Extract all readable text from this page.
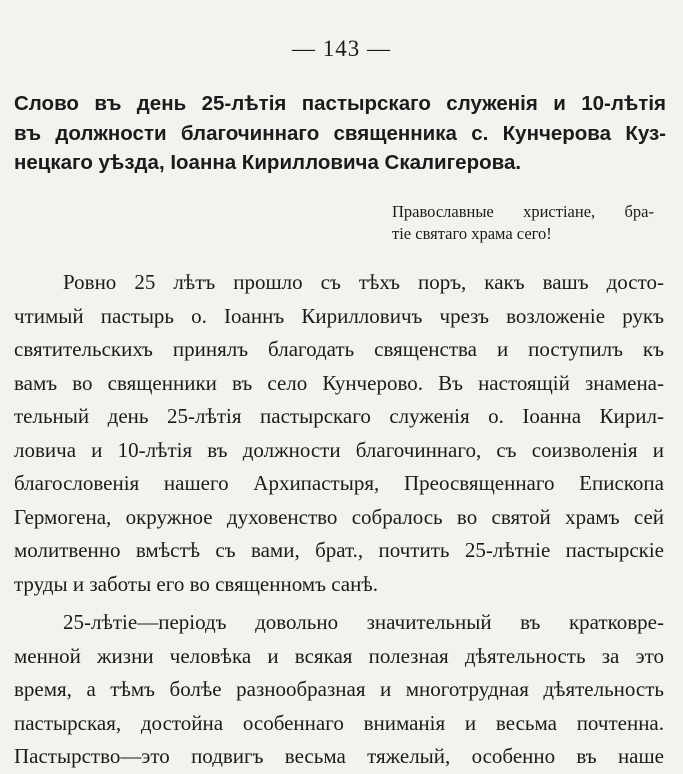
— 143 —
Слово въ день 25-лѣтія пастырскаго служенія и 10-лѣтія
въ должности благочиннаго священника с. Кунчерова Куз-
нецкаго уѣзда, Іоанна Кирилловича Скалигерова.
Православные христіане, бра-
тіе святаго храма сего!
Ровно 25 лѣтъ прошло съ тѣхъ поръ, какъ вашъ досто-
чтимый пастырь о. Іоаннъ Кирилловичъ чрезъ возложеніе рукъ
святительскихъ принялъ благодать священства и поступилъ къ
вамъ во священники въ село Кунчерово. Въ настоящій знамена-
тельный день 25-лѣтія пастырскаго служенія о. Іоанна Кирил-
ловича и 10-лѣтія въ должности благочиннаго, съ соизволенія и
благословенія нашего Архипастыря, Преосвященнаго Епископа
Гермогена, окружное духовенство собралось во святой храмъ сей
молитвенно вмѣстѣ съ вами, брат., почтить 25-лѣтніе пастырскіе
труды и заботы его во священномъ санѣ.
25-лѣтіе—періодъ довольно значительный въ кратковре-
менной жизни человѣка и всякая полезная дѣятельность за это
время, а тѣмъ болѣе разнообразная и многотрудная дѣятельность
пастырская, достойна особеннаго вниманія и весьма почтенна.
Пастырство—это подвигъ весьма тяжелый, особенно въ наше
